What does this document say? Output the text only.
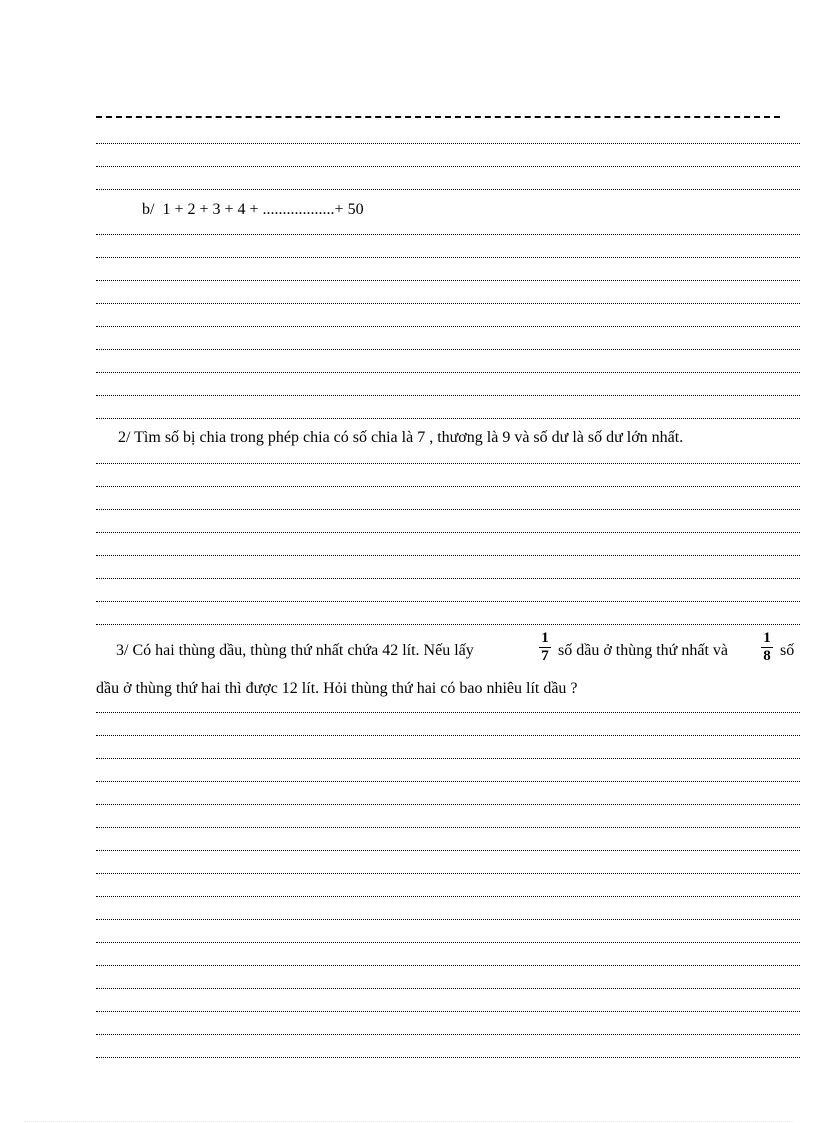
b/ 1 + 2 + 3 + 4 + ..................+ 50
2/ Tìm số bị chia trong phép chia có số chia là 7 , thương là 9 và số dư là số dư lớn nhất.
3/ Có hai thùng dầu, thùng thứ nhất chứa 42 lít. Nếu lấy
1
7 số dầu ở thùng thứ nhất và
1
8 số
dầu ở thùng thứ hai thì được 12 lít. Hỏi thùng thứ hai có bao nhiêu lít dầu ?
